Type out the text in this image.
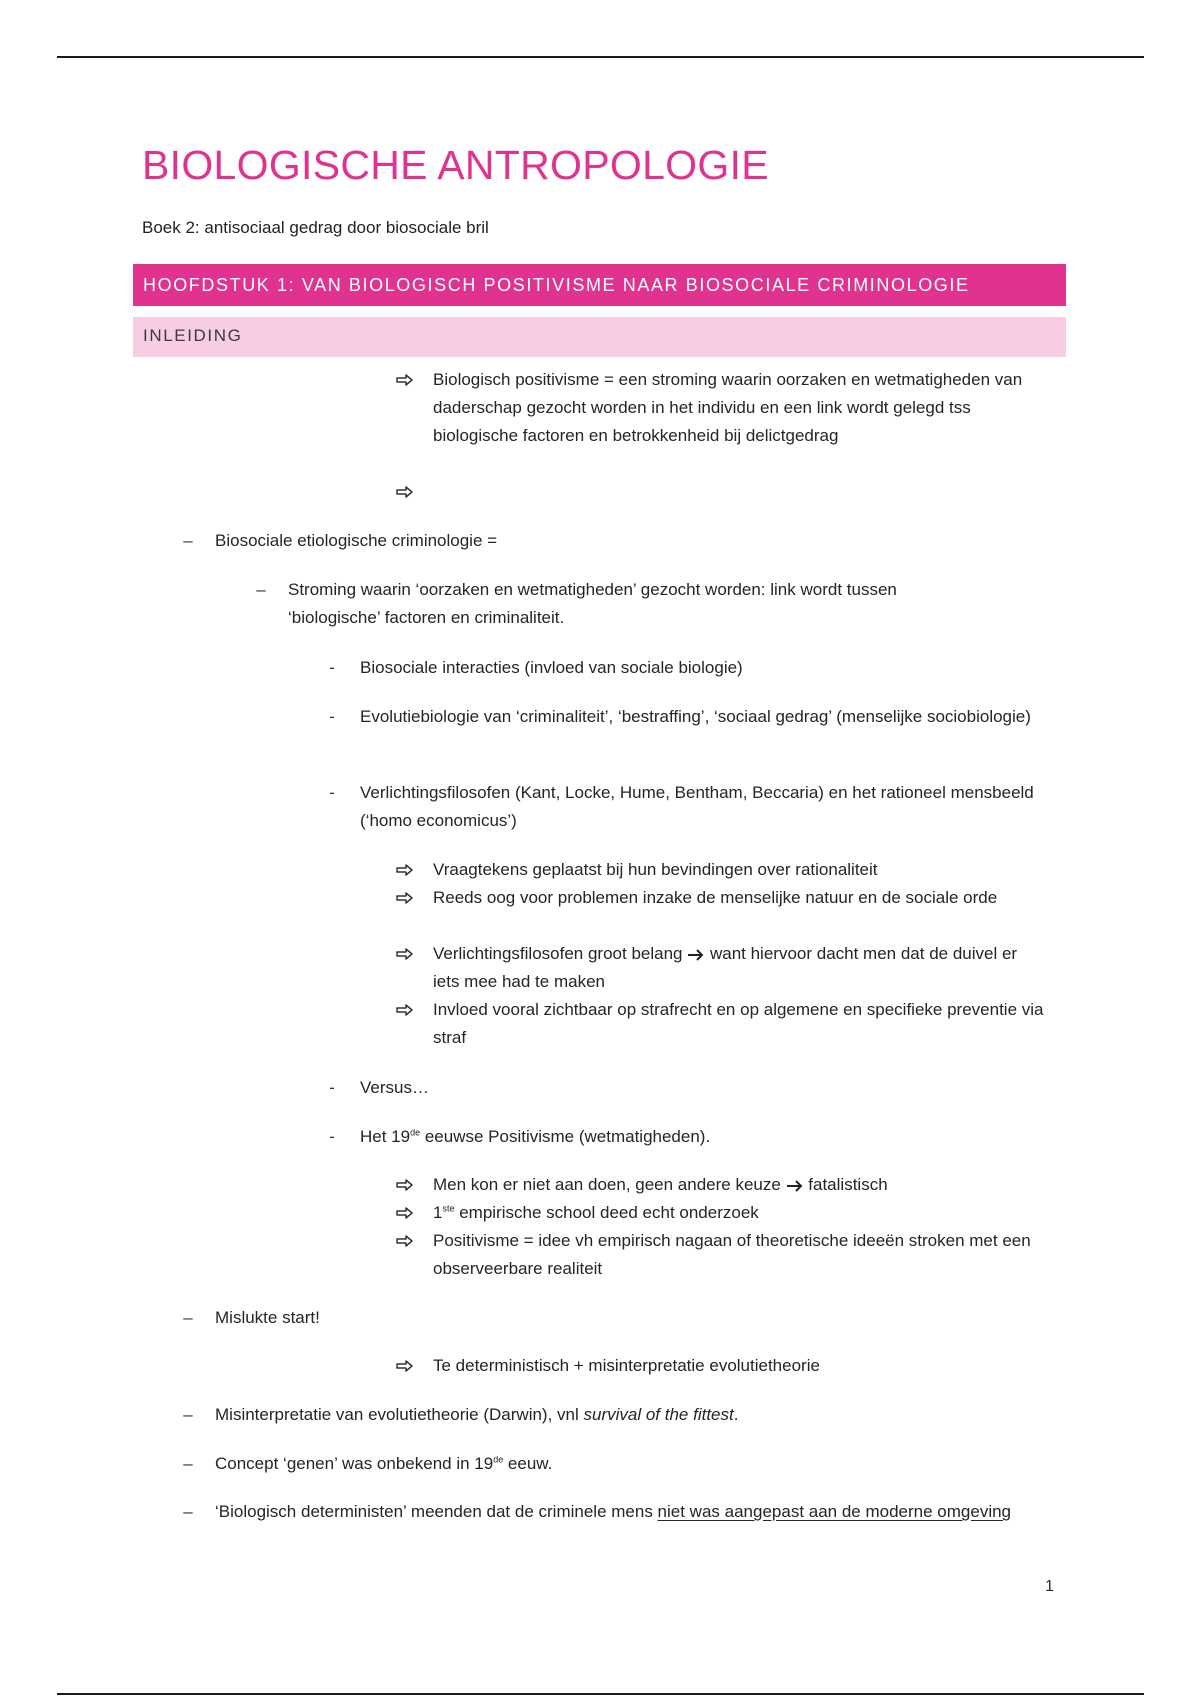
BIOLOGISCHE ANTROPOLOGIE
Boek 2: antisociaal gedrag door biosociale bril
HOOFDSTUK 1: VAN BIOLOGISCH POSITIVISME NAAR BIOSOCIALE CRIMINOLOGIE
INLEIDING
Biologisch positivisme = een stroming waarin oorzaken en wetmatigheden van daderschap gezocht worden in het individu en een link wordt gelegd tss biologische factoren en betrokkenheid bij delictgedrag
–	Biosociale etiologische criminologie =
–	Stroming waarin ‘oorzaken en wetmatigheden’ gezocht worden: link wordt tussen
‘biologische’ factoren en criminaliteit.
-	Biosociale interacties (invloed van sociale biologie)
-	Evolutiebiologie van ‘criminaliteit’, ‘bestraffing’, ‘sociaal gedrag’ (menselijke sociobiologie)
-	Verlichtingsfilosofen (Kant, Locke, Hume, Bentham, Beccaria) en het rationeel mensbeeld (‘homo economicus’)
Vraagtekens geplaatst bij hun bevindingen over rationaliteit
Reeds oog voor problemen inzake de menselijke natuur en de sociale orde
Verlichtingsfilosofen groot belang want hiervoor dacht men dat de duivel er iets mee had te maken
Invloed vooral zichtbaar op strafrecht en op algemene en specifieke preventie via straf
-	Versus…
-	Het 19de eeuwse Positivisme (wetmatigheden).
Men kon er niet aan doen, geen andere keuze fatalistisch
1ste empirische school deed echt onderzoek
Positivisme = idee vh empirisch nagaan of theoretische ideeën stroken met een observeerbare realiteit
–	Mislukte start!
Te deterministisch + misinterpretatie evolutietheorie
–	Misinterpretatie van evolutietheorie (Darwin), vnl survival of the fittest.
–	Concept ‘genen’ was onbekend in 19de eeuw.
–	‘Biologisch deterministen’ meenden dat de criminele mens niet was aangepast aan de moderne omgeving
1
